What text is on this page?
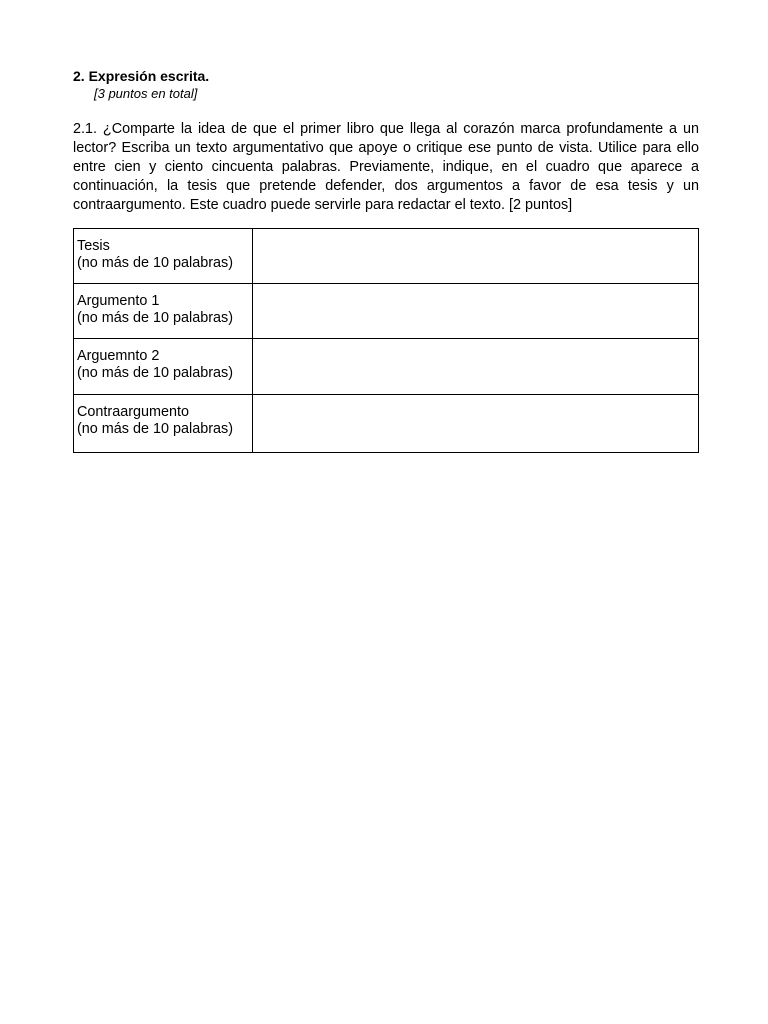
2. Expresión escrita.

[3 puntos en total]

2.1. ¿Comparte la idea de que el primer libro que llega al corazón marca profundamente a un lector? Escriba un texto argumentativo que apoye o critique ese punto de vista. Utilice para ello entre cien y ciento cincuenta palabras. Previamente, indique, en el cuadro que aparece a continuación, la tesis que pretende defender, dos argumentos a favor de esa tesis y un contraargumento. Este cuadro puede servirle para redactar el texto. [2 puntos]

Tesis
(no más de 10 palabras)	

Argumento 1
(no más de 10 palabras)	

Arguemnto 2
(no más de 10 palabras)	

Contraargumento
(no más de 10 palabras)	
